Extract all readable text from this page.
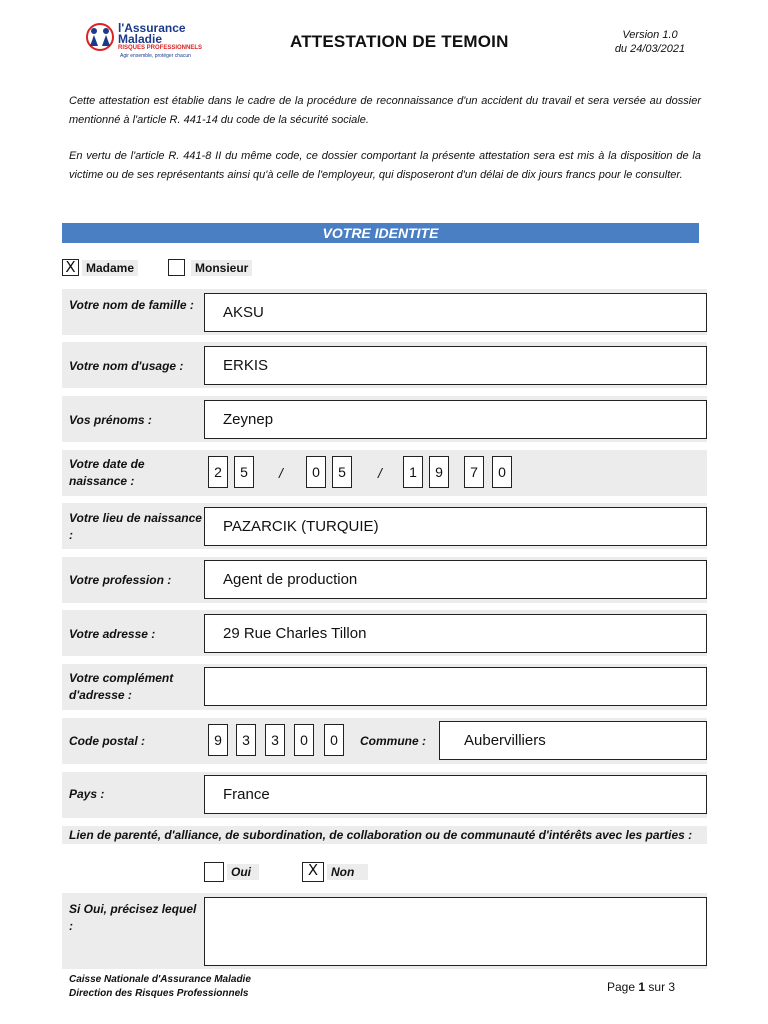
l'Assurance
Maladie
RISQUES PROFESSIONNELS
Agir ensemble, protéger chacun
ATTESTATION DE TEMOIN	Version 1.0
du 24/03/2021
Cette attestation est établie dans le cadre de la procédure de reconnaissance d'un accident du travail et sera versée au dossier mentionné à l'article R. 441-14 du code de la sécurité sociale.
En vertu de l'article R. 441-8 II du même code, ce dossier comportant la présente attestation sera est mis à la disposition de la victime ou de ses représentants ainsi qu'à celle de l'employeur, qui disposeront d'un délai de dix jours francs pour le consulter.
VOTRE IDENTITE
X Madame	Monsieur
Votre nom de famille :	AKSU
Votre nom d'usage :	ERKIS
Vos prénoms :	Zeynep
Votre date de naissance :
2	5	/	0	5	/	1	9	7	0
Votre lieu de naissance :	PAZARCIK (TURQUIE)
Votre profession :	Agent de production
Votre adresse :	29 Rue Charles Tillon
Votre complément d'adresse :
Code postal :	9	3	3	0	0	Commune :	Aubervilliers
Pays :	France
Lien de parenté, d'alliance, de subordination, de collaboration ou de communauté d'intérêts avec les parties :
Oui	X	Non
Si Oui, précisez lequel :
Caisse Nationale d'Assurance Maladie
Direction des Risques Professionnels	Page 1 sur 3
